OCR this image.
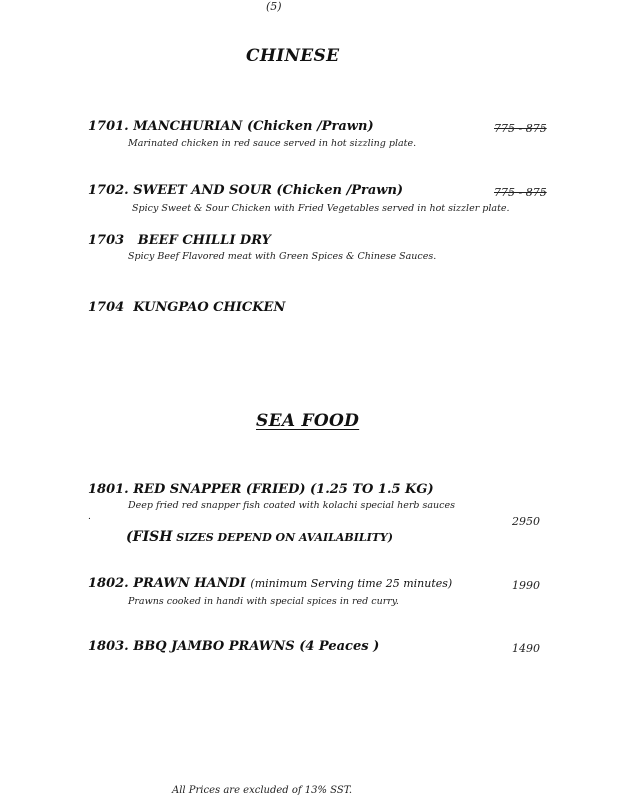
(5)
CHINESE
1701. MANCHURIAN (Chicken /Prawn)	775 - 875
Marinated chicken in red sauce served in hot sizzling plate.
1702. SWEET AND SOUR (Chicken /Prawn)	775 - 875
Spicy Sweet & Sour Chicken with Fried Vegetables served in hot sizzler plate.
1703 BEEF CHILLI DRY
Spicy Beef Flavored meat with Green Spices & Chinese Sauces.
1704 KUNGPAO CHICKEN
SEA FOOD
1801. RED SNAPPER (FRIED) (1.25 TO 1.5 KG)
Deep fried red snapper fish coated with kolachi special herb sauces
.	2950
(FISH SIZES DEPEND ON AVAILABILITY)
1802. PRAWN HANDI (minimum Serving time 25 minutes)	1990
Prawns cooked in handi with special spices in red curry.
1803. BBQ JAMBO PRAWNS (4 Peaces )	1490
All Prices are excluded of 13% SST.
